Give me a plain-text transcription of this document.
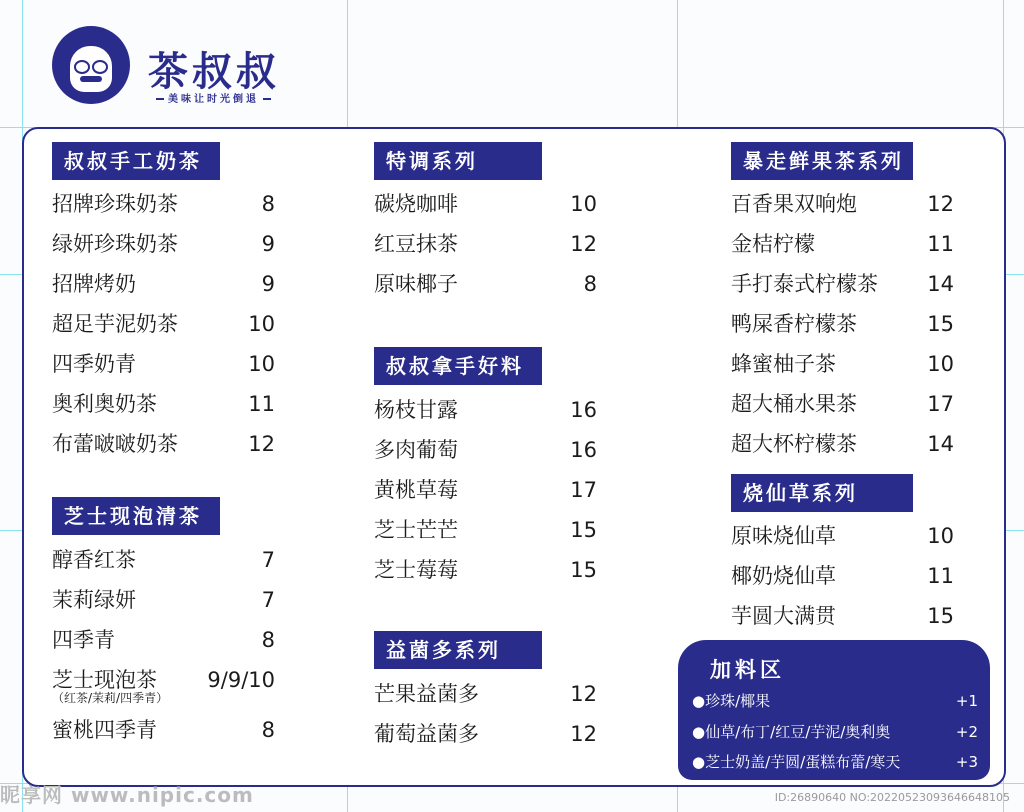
茶叔叔
美味让时光倒退
叔叔手工奶茶
招牌珍珠奶茶	8
绿妍珍珠奶茶	9
招牌烤奶	9
超足芋泥奶茶	10
四季奶青	10
奥利奥奶茶	11
布蕾啵啵奶茶	12
芝士现泡清茶
醇香红茶	7
茉莉绿妍	7
四季青	8
芝士现泡茶	9/9/10
（红茶/茉莉/四季青）
蜜桃四季青	8
特调系列
碳烧咖啡	10
红豆抹茶	12
原味椰子	8
叔叔拿手好料
杨枝甘露	16
多肉葡萄	16
黄桃草莓	17
芝士芒芒	15
芝士莓莓	15
益菌多系列
芒果益菌多	12
葡萄益菌多	12
暴走鲜果茶系列
百香果双响炮	12
金桔柠檬	11
手打泰式柠檬茶	14
鸭屎香柠檬茶	15
蜂蜜柚子茶	10
超大桶水果茶	17
超大杯柠檬茶	14
烧仙草系列
原味烧仙草	10
椰奶烧仙草	11
芋圆大满贯	15
加料区
●珍珠/椰果	+1
●仙草/布丁/红豆/芋泥/奥利奥	+2
●芝士奶盖/芋圆/蛋糕布蕾/寒天	+3
昵享网 www.nipic.com	ID:26890640 NO:20220523093646648105
